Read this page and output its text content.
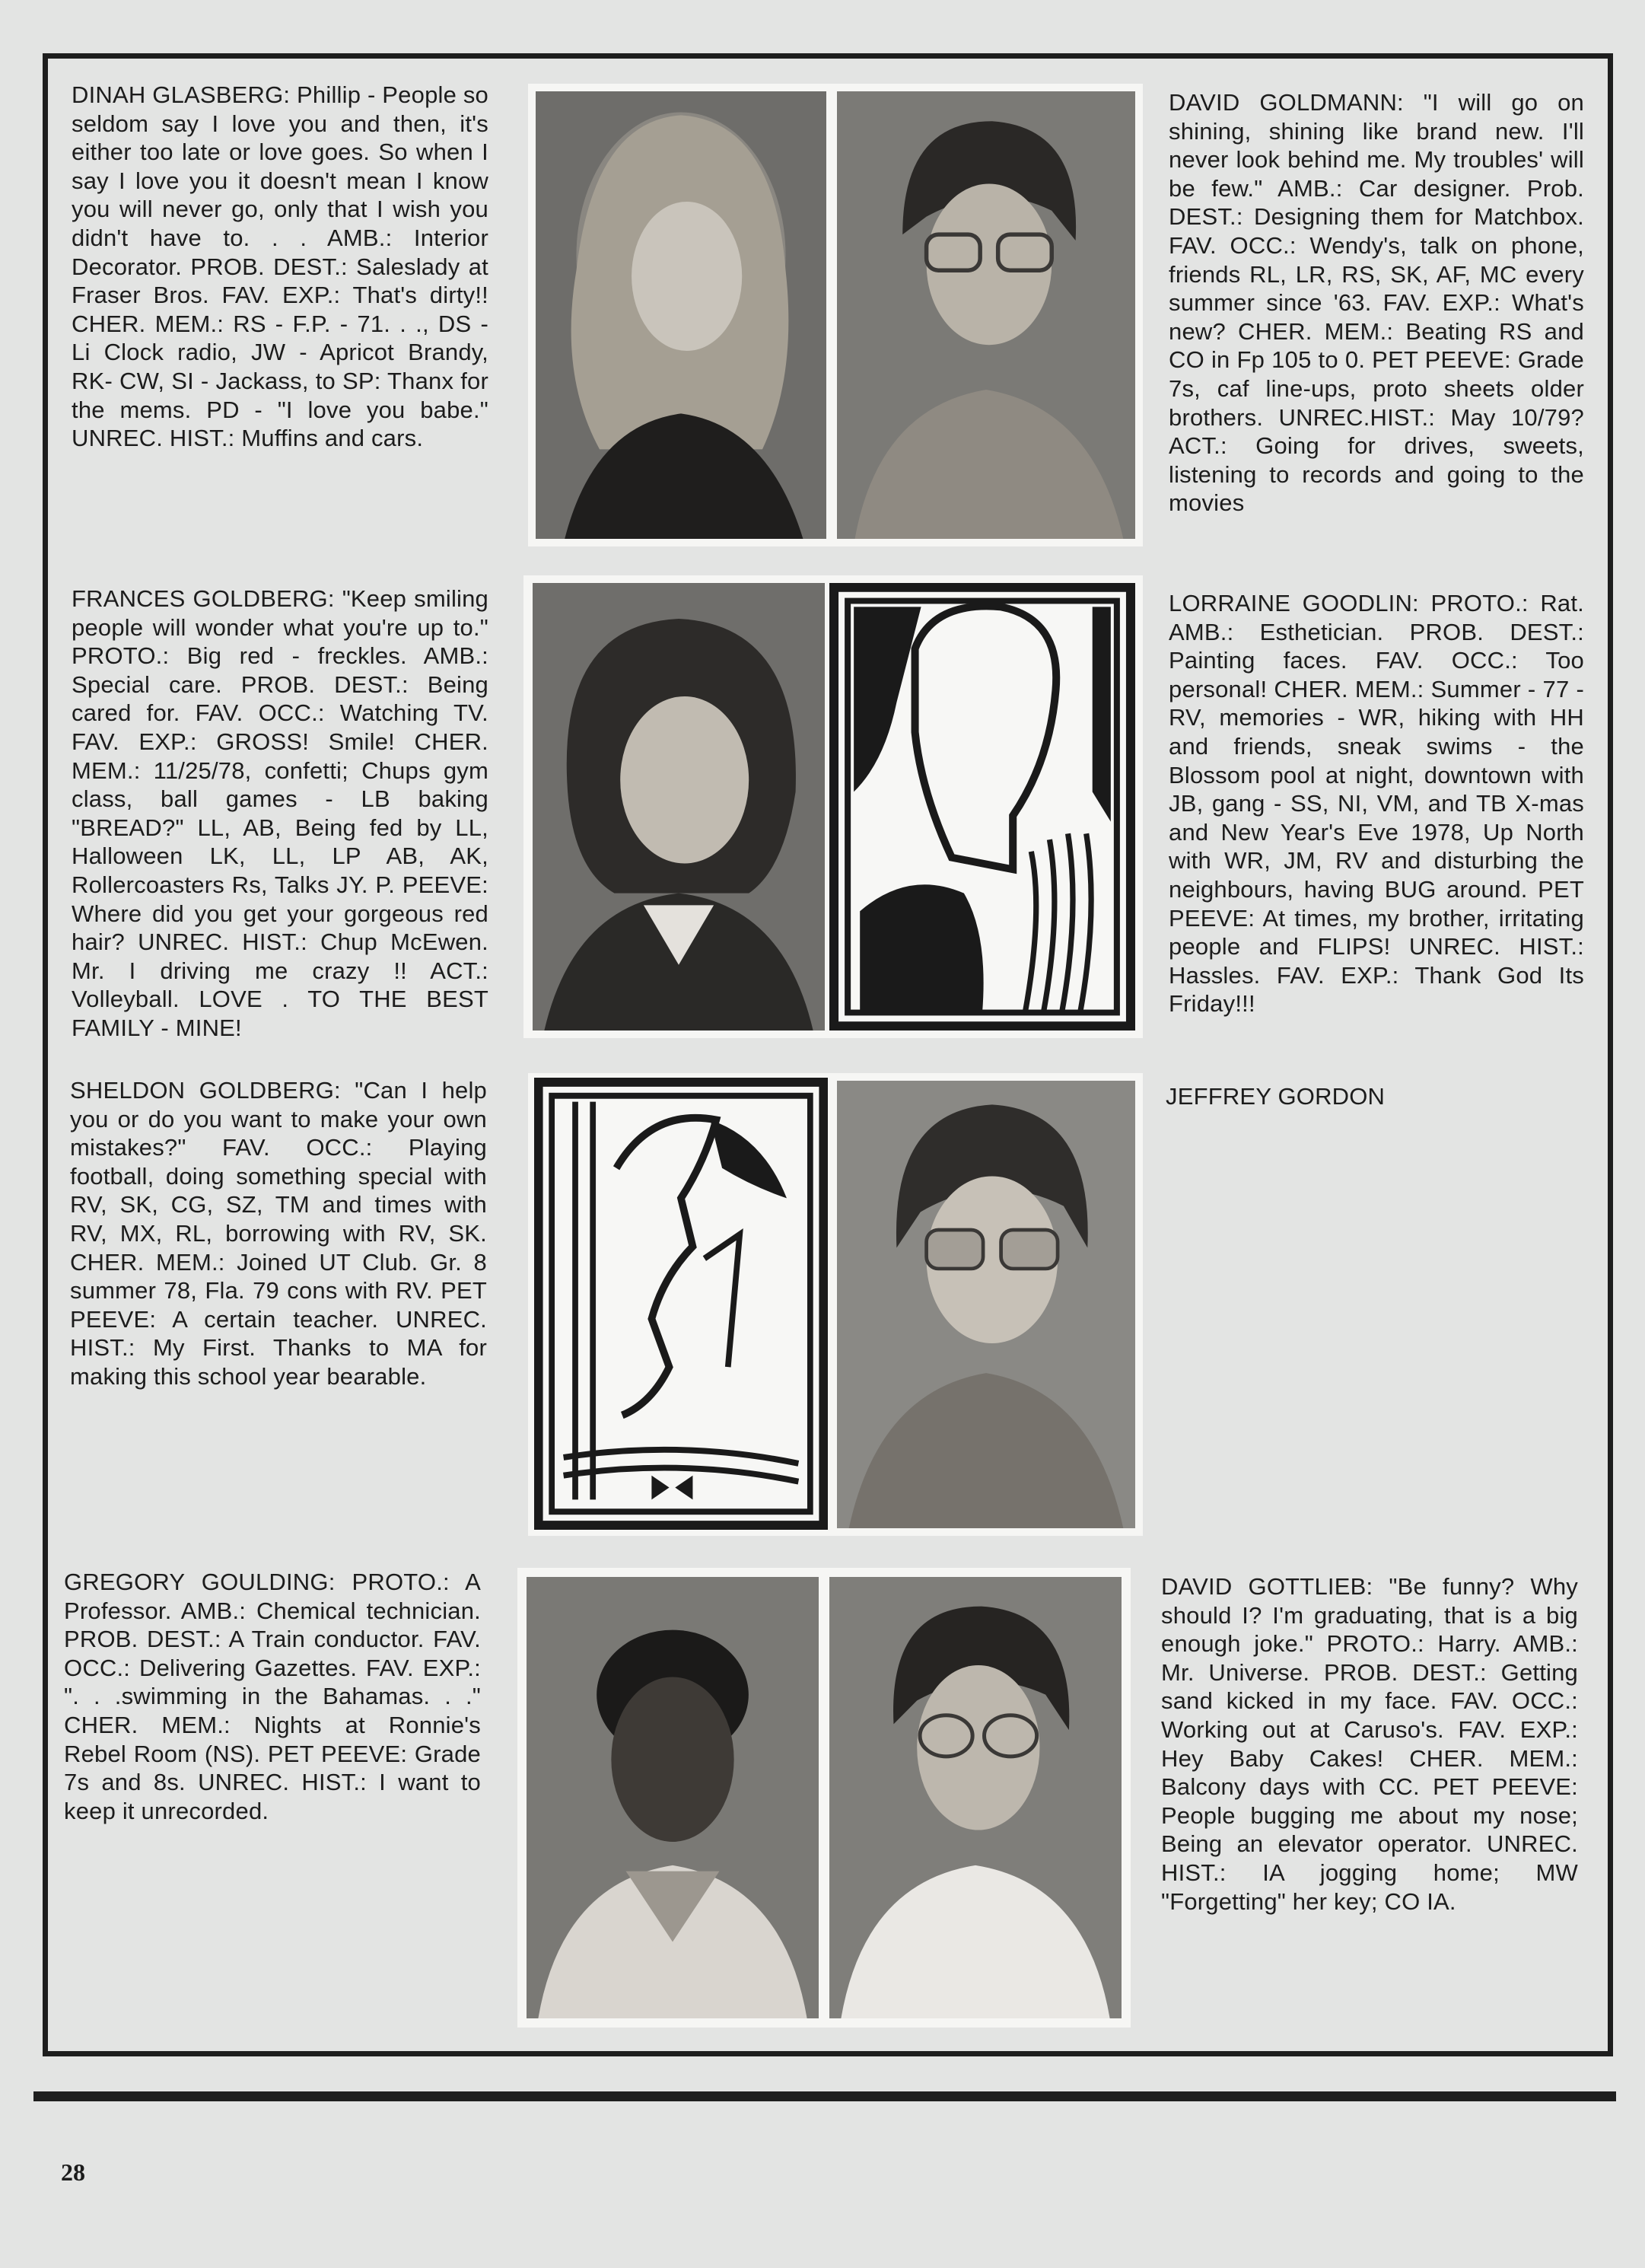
DINAH GLASBERG: Phillip - People so seldom say I love you and then, it's either too late or love goes. So when I say I love you it doesn't mean I know you will never go, only that I wish you didn't have to. . . AMB.: Interior Decorator. PROB. DEST.: Saleslady at Fraser Bros. FAV. EXP.: That's dirty!! CHER. MEM.: RS - F.P. - 71. . ., DS - Li Clock radio, JW - Apricot Brandy, RK- CW, SI - Jackass, to SP: Thanx for the mems. PD - "I love you babe." UNREC. HIST.: Muffins and cars.

DAVID GOLDMANN: "I will go on shining, shining like brand new. I'll never look behind me. My troubles' will be few." AMB.: Car designer. Prob. DEST.: Designing them for Matchbox. FAV. OCC.: Wendy's, talk on phone, friends RL, LR, RS, SK, AF, MC every summer since '63. FAV. EXP.: What's new? CHER. MEM.: Beating RS and CO in Fp 105 to 0. PET PEEVE: Grade 7s, caf line-ups, proto sheets older brothers. UNREC.HIST.: May 10/79? ACT.: Going for drives, sweets, listening to records and going to the movies

FRANCES GOLDBERG: "Keep smiling people will wonder what you're up to." PROTO.: Big red - freckles. AMB.: Special care. PROB. DEST.: Being cared for. FAV. OCC.: Watching TV. FAV. EXP.: GROSS! Smile! CHER. MEM.: 11/25/78, confetti; Chups gym class, ball games - LB baking "BREAD?" LL, AB, Being fed by LL, Halloween LK, LL, LP AB, AK, Rollercoasters Rs, Talks JY. P. PEEVE: Where did you get your gorgeous red hair? UNREC. HIST.: Chup McEwen. Mr. I driving me crazy !! ACT.: Volleyball. LOVE . TO THE BEST FAMILY - MINE!

LORRAINE GOODLIN: PROTO.: Rat. AMB.: Esthetician. PROB. DEST.: Painting faces. FAV. OCC.: Too personal! CHER. MEM.: Summer - 77 - RV, memories - WR, hiking with HH and friends, sneak swims - the Blossom pool at night, downtown with JB, gang - SS, NI, VM, and TB X-mas and New Year's Eve 1978, Up North with WR, JM, RV and disturbing the neighbours, having BUG around. PET PEEVE: At times, my brother, irritating people and FLIPS! UNREC. HIST.: Hassles. FAV. EXP.: Thank God Its Friday!!!

SHELDON GOLDBERG: "Can I help you or do you want to make your own mistakes?" FAV. OCC.: Playing football, doing something special with RV, SK, CG, SZ, TM and times with RV, MX, RL, borrowing with RV, SK. CHER. MEM.: Joined UT Club. Gr. 8 summer 78, Fla. 79 cons with RV. PET PEEVE: A certain teacher. UNREC. HIST.: My First. Thanks to MA for making this school year bearable.

JEFFREY GORDON

GREGORY GOULDING: PROTO.: A Professor. AMB.: Chemical technician. PROB. DEST.: A Train conductor. FAV. OCC.: Delivering Gazettes. FAV. EXP.: ". . .swimming in the Bahamas. . ." CHER. MEM.: Nights at Ronnie's Rebel Room (NS). PET PEEVE: Grade 7s and 8s. UNREC. HIST.: I want to keep it unrecorded.

DAVID GOTTLIEB: "Be funny? Why should I? I'm graduating, that is a big enough joke." PROTO.: Harry. AMB.: Mr. Universe. PROB. DEST.: Getting sand kicked in my face. FAV. OCC.: Working out at Caruso's. FAV. EXP.: Hey Baby Cakes! CHER. MEM.: Balcony days with CC. PET PEEVE: People bugging me about my nose; Being an elevator operator. UNREC. HIST.: IA jogging home; MW "Forgetting" her key; CO IA.

28
